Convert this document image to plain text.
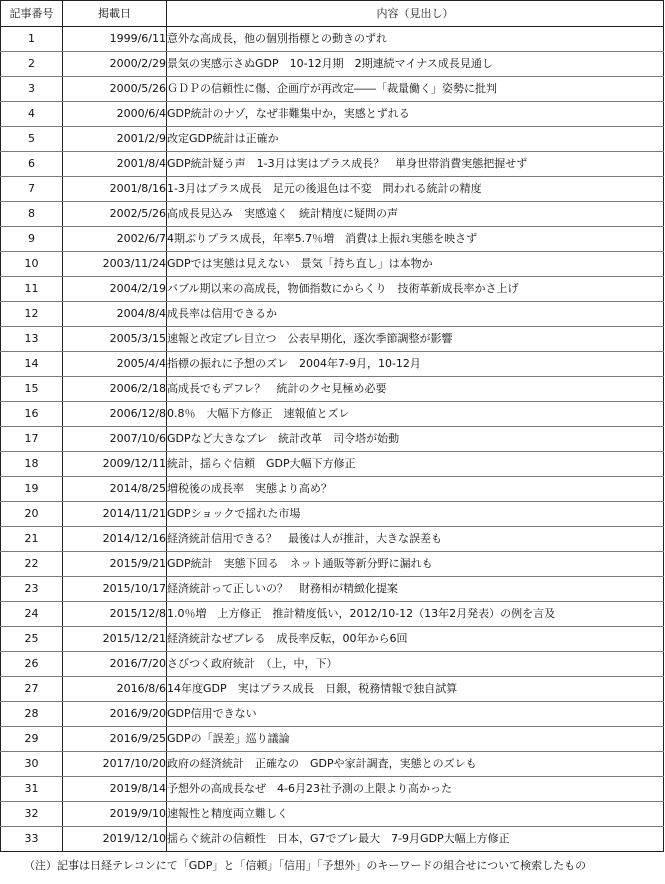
記事番号	掲載日	内容（見出し）
1	1999/6/11	意外な高成長，他の個別指標との動きのずれ
2	2000/2/29	景気の実感示さぬGDP　10-12月期　2期連続マイナス成長見通し
3	2000/5/26	ＧＤＰの信頼性に傷、企画庁が再改定――「裁量働く」姿勢に批判
4	2000/6/4	GDP統計のナゾ，なぜ非難集中か，実感とずれる
5	2001/2/9	改定GDP統計は正確か
6	2001/8/4	GDP統計疑う声　1-3月は実はプラス成長？　単身世帯消費実態把握せず
7	2001/8/16	1-3月はプラス成長　足元の後退色は不変　問われる統計の精度
8	2002/5/26	高成長見込み　実感遠く　統計精度に疑問の声
9	2002/6/7	4期ぶりプラス成長，年率5.7％増　消費は上振れ実態を映さず
10	2003/11/24	GDPでは実態は見えない　景気「持ち直し」は本物か
11	2004/2/19	バブル期以来の高成長，物価指数にからくり　技術革新成長率かさ上げ
12	2004/8/4	成長率は信用できるか
13	2005/3/15	速報と改定ブレ目立つ　公表早期化，逐次季節調整が影響
14	2005/4/4	指標の振れに予想のズレ　2004年7-9月，10-12月
15	2006/2/18	高成長でもデフレ？　統計のクセ見極め必要
16	2006/12/8	0.8％　大幅下方修正　速報値とズレ
17	2007/10/6	GDPなど大きなブレ　統計改革　司令塔が始動
18	2009/12/11	統計，揺らぐ信頼　GDP大幅下方修正
19	2014/8/25	増税後の成長率　実態より高め？
20	2014/11/21	GDPショックで揺れた市場
21	2014/12/16	経済統計信用できる？　最後は人が推計，大きな誤差も
22	2015/9/21	GDP統計　実態下回る　ネット通販等新分野に漏れも
23	2015/10/17	経済統計って正しいの？　財務相が精緻化提案
24	2015/12/8	1.0％増　上方修正　推計精度低い，2012/10-12（13年2月発表）の例を言及
25	2015/12/21	経済統計なぜブレる　成長率反転，00年から6回
26	2016/7/20	さびつく政府統計　（上，中，下）
27	2016/8/6	14年度GDP　実はプラス成長　日銀，税務情報で独自試算
28	2016/9/20	GDP信用できない
29	2016/9/25	GDPの「誤差」巡り議論
30	2017/10/20	政府の経済統計　正確なの　GDPや家計調査，実態とのズレも
31	2019/8/14	予想外の高成長なぜ　4-6月23社予測の上限より高かった
32	2019/9/10	速報性と精度両立難しく
33	2019/12/10	揺らぐ統計の信頼性　日本，G7でブレ最大　7-9月GDP大幅上方修正
（注）記事は日経テレコンにて「GDP」と「信頼」「信用」「予想外」のキーワードの組合せについて検索したもの
